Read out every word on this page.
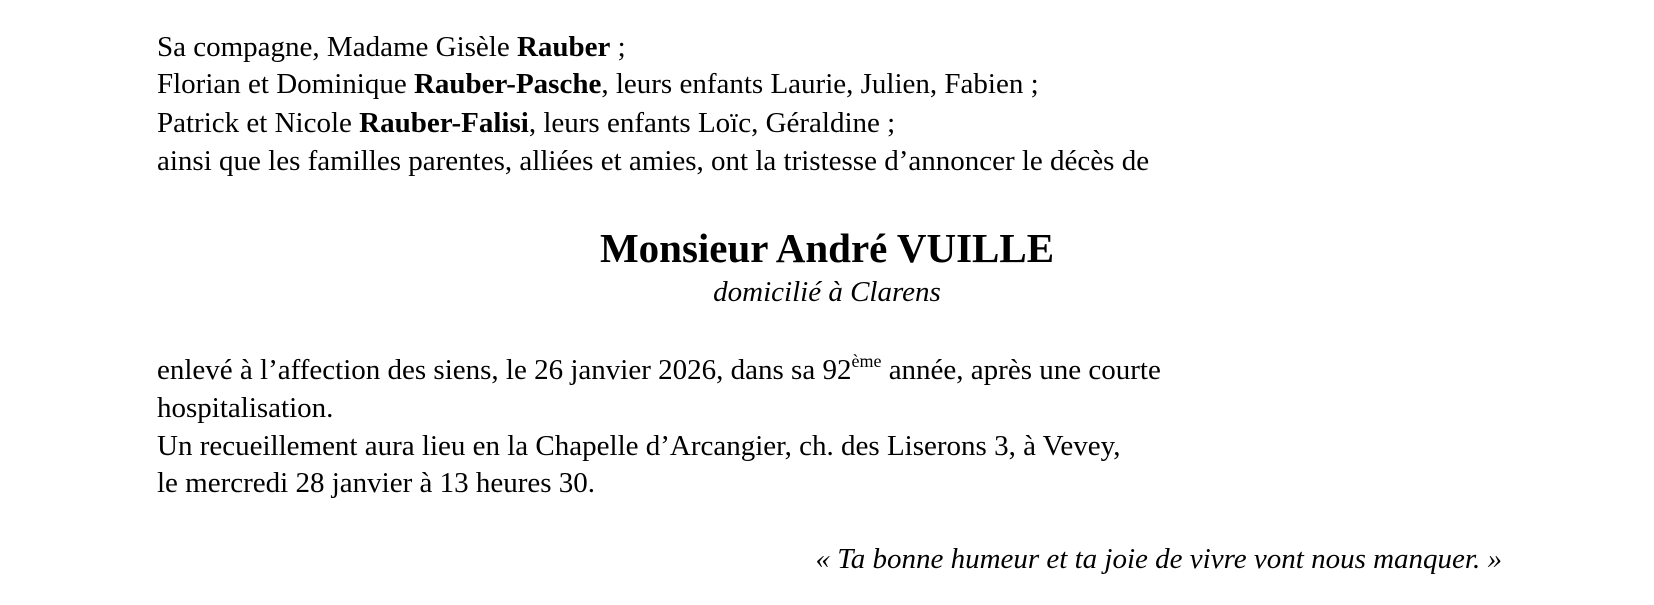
Sa compagne, Madame Gisèle Rauber ;
Florian et Dominique Rauber-Pasche, leurs enfants Laurie, Julien, Fabien ;
Patrick et Nicole Rauber-Falisi, leurs enfants Loïc, Géraldine ;
ainsi que les familles parentes, alliées et amies, ont la tristesse d’annoncer le décès de
Monsieur André VUILLE
domicilié à Clarens
enlevé à l’affection des siens, le 26 janvier 2026, dans sa 92ème année, après une courte
hospitalisation.
Un recueillement aura lieu en la Chapelle d’Arcangier, ch. des Liserons 3, à Vevey,
le mercredi 28 janvier à 13 heures 30.
« Ta bonne humeur et ta joie de vivre vont nous manquer. »
